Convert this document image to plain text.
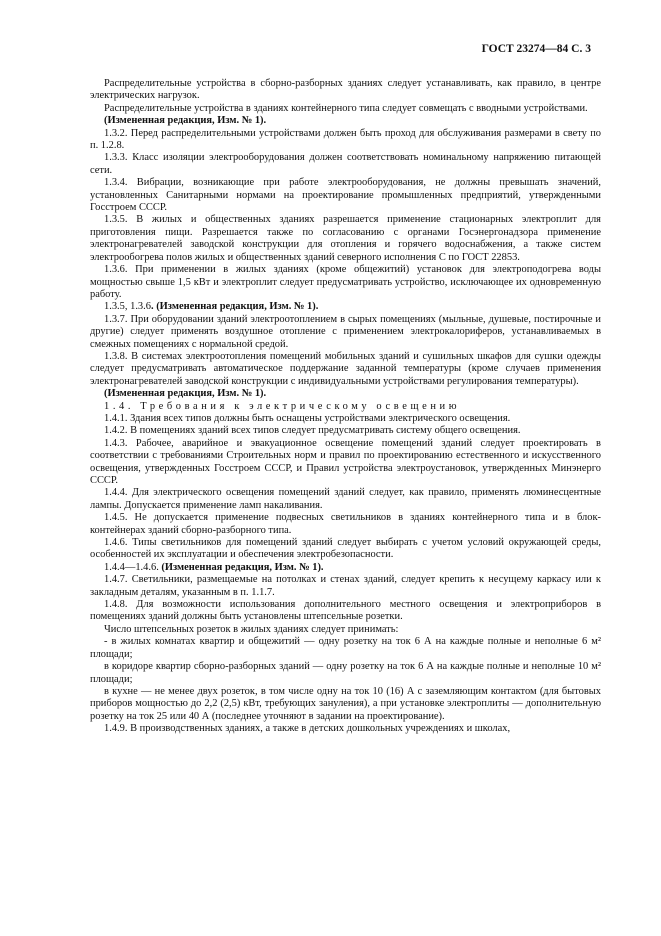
ГОСТ 23274—84 С. 3

Распределительные устройства в сборно-разборных зданиях следует устанавливать, как правило, в центре электрических нагрузок.

Распределительные устройства в зданиях контейнерного типа следует совмещать с вводными устройствами.

(Измененная редакция, Изм. № 1).

1.3.2. Перед распределительными устройствами должен быть проход для обслуживания размерами в свету по п. 1.2.8.

1.3.3. Класс изоляции электрооборудования должен соответствовать номинальному напряжению питающей сети.

1.3.4. Вибрации, возникающие при работе электрооборудования, не должны превышать значений, установленных Санитарными нормами на проектирование промышленных предприятий, утвержденными Госстроем СССР.

1.3.5. В жилых и общественных зданиях разрешается применение стационарных электроплит для приготовления пищи. Разрешается также по согласованию с органами Госэнергонадзора применение электронагревателей заводской конструкции для отопления и горячего водоснабжения, а также систем электрообогрева полов жилых и общественных зданий северного исполнения С по ГОСТ 22853.

1.3.6. При применении в жилых зданиях (кроме общежитий) установок для электроподогрева воды мощностью свыше 1,5 кВт и электроплит следует предусматривать устройство, исключающее их одновременную работу.

1.3.5, 1.3.6. (Измененная редакция, Изм. № 1).

1.3.7. При оборудовании зданий электроотоплением в сырых помещениях (мыльные, душевые, постирочные и другие) следует применять воздушное отопление с применением электрокалориферов, устанавливаемых в смежных помещениях с нормальной средой.

1.3.8. В системах электроотопления помещений мобильных зданий и сушильных шкафов для сушки одежды следует предусматривать автоматическое поддержание заданной температуры (кроме случаев применения электронагревателей заводской конструкции с индивидуальными устройствами регулирования температуры).

(Измененная редакция, Изм. № 1).

1.4. Требования к электрическому освещению

1.4.1. Здания всех типов должны быть оснащены устройствами электрического освещения.

1.4.2. В помещениях зданий всех типов следует предусматривать систему общего освещения.

1.4.3. Рабочее, аварийное и эвакуационное освещение помещений зданий следует проектировать в соответствии с требованиями Строительных норм и правил по проектированию естественного и искусственного освещения, утвержденных Госстроем СССР, и Правил устройства электроустановок, утвержденных Минэнерго СССР.

1.4.4. Для электрического освещения помещений зданий следует, как правило, применять люминесцентные лампы. Допускается применение ламп накаливания.

1.4.5. Не допускается применение подвесных светильников в зданиях контейнерного типа и в блок-контейнерах зданий сборно-разборного типа.

1.4.6. Типы светильников для помещений зданий следует выбирать с учетом условий окружающей среды, особенностей их эксплуатации и обеспечения электробезопасности.

1.4.4—1.4.6. (Измененная редакция, Изм. № 1).

1.4.7. Светильники, размещаемые на потолках и стенах зданий, следует крепить к несущему каркасу или к закладным деталям, указанным в п. 1.1.7.

1.4.8. Для возможности использования дополнительного местного освещения и электроприборов в помещениях зданий должны быть установлены штепсельные розетки.

Число штепсельных розеток в жилых зданиях следует принимать:

- в жилых комнатах квартир и общежитий — одну розетку на ток 6 А на каждые полные и неполные 6 м² площади;

в коридоре квартир сборно-разборных зданий — одну розетку на ток 6 А на каждые полные и неполные 10 м² площади;

в кухне — не менее двух розеток, в том числе одну на ток 10 (16) А с заземляющим контактом (для бытовых приборов мощностью до 2,2 (2,5) кВт, требующих зануления), а при установке электроплиты — дополнительную розетку на ток 25 или 40 А (последнее уточняют в задании на проектирование).

1.4.9. В производственных зданиях, а также в детских дошкольных учреждениях и школах,
